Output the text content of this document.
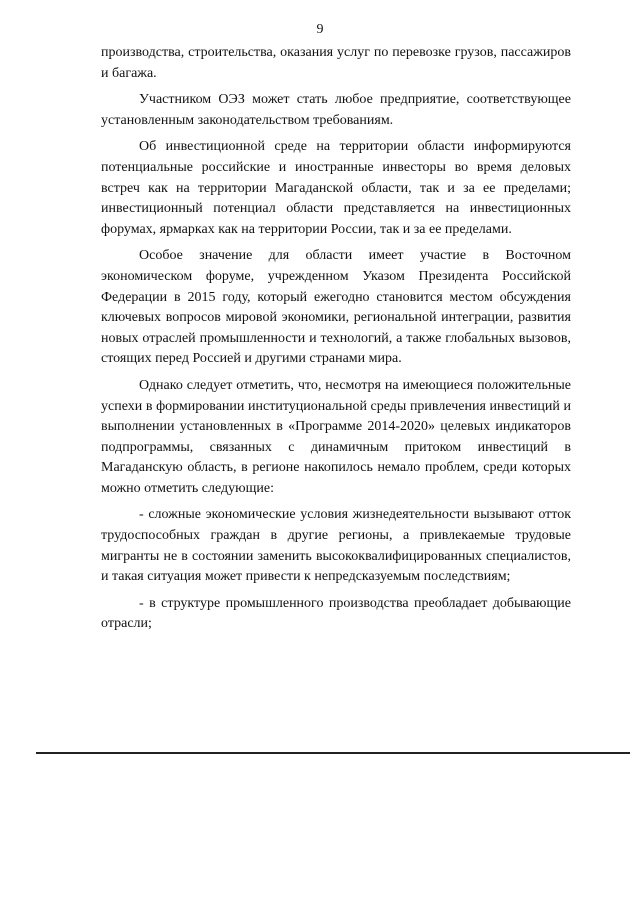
9

производства, строительства, оказания услуг по перевозке грузов, пассажиров и багажа.

Участником ОЭЗ может стать любое предприятие, соответствующее установленным законодательством требованиям.

Об инвестиционной среде на территории области информируются потенциальные российские и иностранные инвесторы во время деловых встреч как на территории Магаданской области, так и за ее пределами; инвестиционный потенциал области представляется на инвестиционных форумах, ярмарках как на территории России, так и за ее пределами.

Особое значение для области имеет участие в Восточном экономическом форуме, учрежденном Указом Президента Российской Федерации в 2015 году, который ежегодно становится местом обсуждения ключевых вопросов мировой экономики, региональной интеграции, развития новых отраслей промышленности и технологий, а также глобальных вызовов, стоящих перед Россией и другими странами мира.

Однако следует отметить, что, несмотря на имеющиеся положительные успехи в формировании институциональной среды привлечения инвестиций и выполнении установленных в «Программе 2014-2020» целевых индикаторов подпрограммы, связанных с динамичным притоком инвестиций в Магаданскую область, в регионе накопилось немало проблем, среди которых можно отметить следующие:

- сложные экономические условия жизнедеятельности вызывают отток трудоспособных граждан в другие регионы, а привлекаемые трудовые мигранты не в состоянии заменить высококвалифицированных специалистов, и такая ситуация может привести к непредсказуемым последствиям;

- в структуре промышленного производства преобладает добывающие отрасли;
